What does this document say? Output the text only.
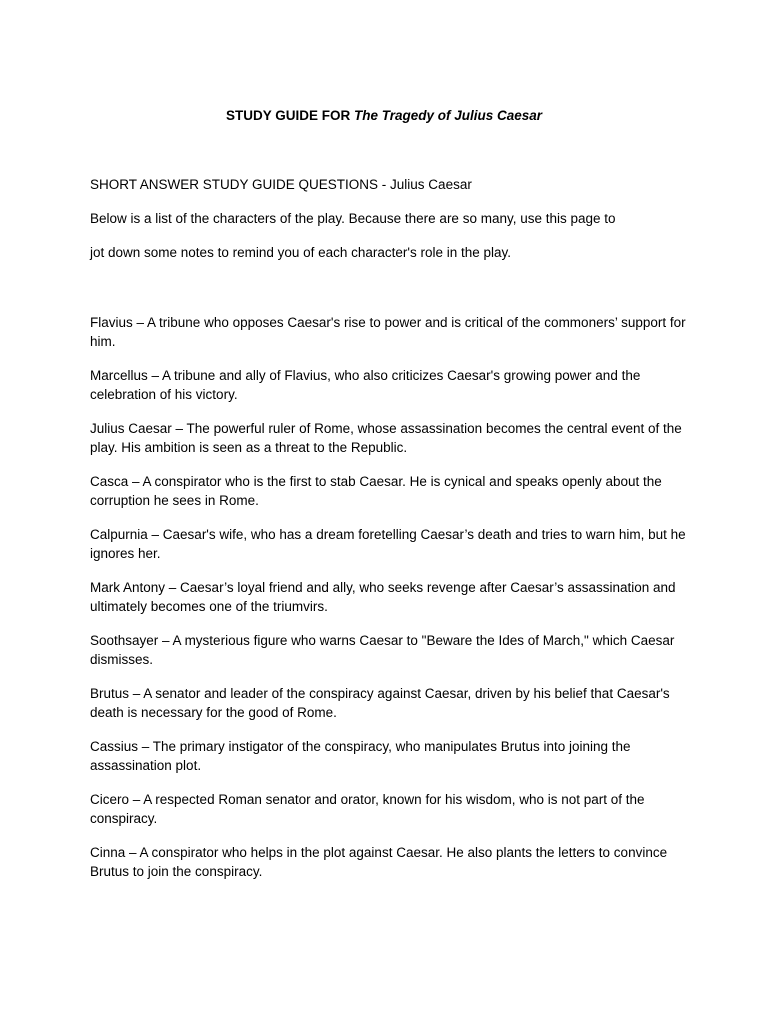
STUDY GUIDE FOR The Tragedy of Julius Caesar

SHORT ANSWER STUDY GUIDE QUESTIONS - Julius Caesar

Below is a list of the characters of the play. Because there are so many, use this page to

jot down some notes to remind you of each character's role in the play.

Flavius – A tribune who opposes Caesar's rise to power and is critical of the commoners’ support for him.
Marcellus – A tribune and ally of Flavius, who also criticizes Caesar's growing power and the celebration of his victory.
Julius Caesar – The powerful ruler of Rome, whose assassination becomes the central event of the play. His ambition is seen as a threat to the Republic.
Casca – A conspirator who is the first to stab Caesar. He is cynical and speaks openly about the corruption he sees in Rome.
Calpurnia – Caesar's wife, who has a dream foretelling Caesar’s death and tries to warn him, but he ignores her.
Mark Antony – Caesar’s loyal friend and ally, who seeks revenge after Caesar’s assassination and ultimately becomes one of the triumvirs.
Soothsayer – A mysterious figure who warns Caesar to "Beware the Ides of March," which Caesar dismisses.
Brutus – A senator and leader of the conspiracy against Caesar, driven by his belief that Caesar's death is necessary for the good of Rome.
Cassius – The primary instigator of the conspiracy, who manipulates Brutus into joining the assassination plot.
Cicero – A respected Roman senator and orator, known for his wisdom, who is not part of the conspiracy.
Cinna – A conspirator who helps in the plot against Caesar. He also plants the letters to convince Brutus to join the conspiracy.
